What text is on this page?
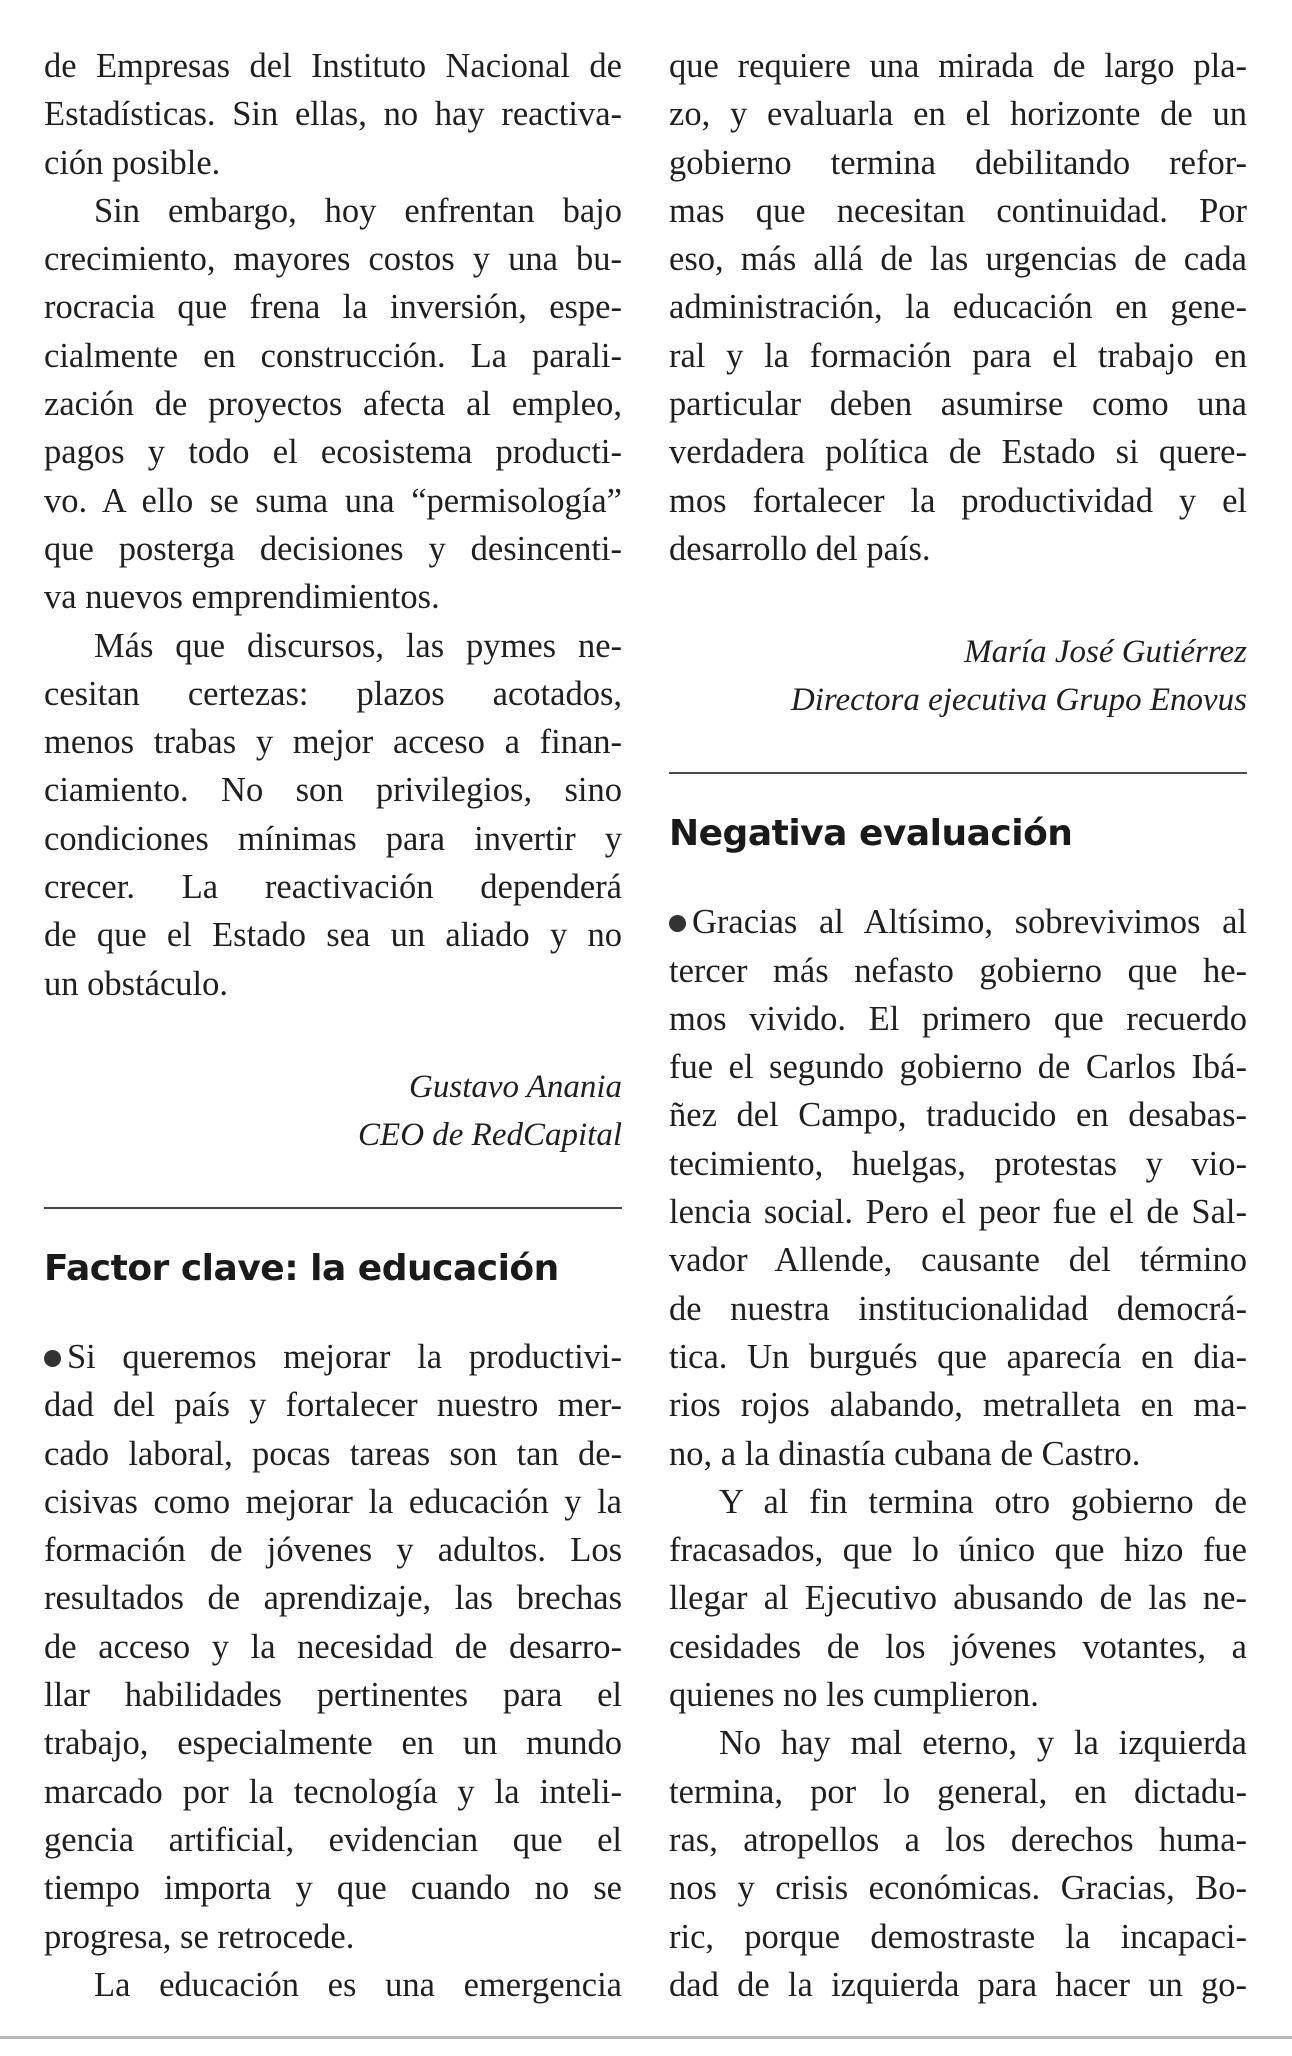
de Empresas del Instituto Nacional de
Estadísticas. Sin ellas, no hay reactiva-
ción posible.
Sin embargo, hoy enfrentan bajo
crecimiento, mayores costos y una bu-
rocracia que frena la inversión, espe-
cialmente en construcción. La parali-
zación de proyectos afecta al empleo,
pagos y todo el ecosistema producti-
vo. A ello se suma una “permisología”
que posterga decisiones y desincenti-
va nuevos emprendimientos.
Más que discursos, las pymes ne-
cesitan certezas: plazos acotados,
menos trabas y mejor acceso a finan-
ciamiento. No son privilegios, sino
condiciones mínimas para invertir y
crecer. La reactivación dependerá
de que el Estado sea un aliado y no
un obstáculo.
Gustavo Anania
CEO de RedCapital
Factor clave: la educación
Si queremos mejorar la productivi-
dad del país y fortalecer nuestro mer-
cado laboral, pocas tareas son tan de-
cisivas como mejorar la educación y la
formación de jóvenes y adultos. Los
resultados de aprendizaje, las brechas
de acceso y la necesidad de desarro-
llar habilidades pertinentes para el
trabajo, especialmente en un mundo
marcado por la tecnología y la inteli-
gencia artificial, evidencian que el
tiempo importa y que cuando no se
progresa, se retrocede.
La educación es una emergencia
que requiere una mirada de largo pla-
zo, y evaluarla en el horizonte de un
gobierno termina debilitando refor-
mas que necesitan continuidad. Por
eso, más allá de las urgencias de cada
administración, la educación en gene-
ral y la formación para el trabajo en
particular deben asumirse como una
verdadera política de Estado si quere-
mos fortalecer la productividad y el
desarrollo del país.
María José Gutiérrez
Directora ejecutiva Grupo Enovus
Negativa evaluación
Gracias al Altísimo, sobrevivimos al
tercer más nefasto gobierno que he-
mos vivido. El primero que recuerdo
fue el segundo gobierno de Carlos Ibá-
ñez del Campo, traducido en desabas-
tecimiento, huelgas, protestas y vio-
lencia social. Pero el peor fue el de Sal-
vador Allende, causante del término
de nuestra institucionalidad democrá-
tica. Un burgués que aparecía en dia-
rios rojos alabando, metralleta en ma-
no, a la dinastía cubana de Castro.
Y al fin termina otro gobierno de
fracasados, que lo único que hizo fue
llegar al Ejecutivo abusando de las ne-
cesidades de los jóvenes votantes, a
quienes no les cumplieron.
No hay mal eterno, y la izquierda
termina, por lo general, en dictadu-
ras, atropellos a los derechos huma-
nos y crisis económicas. Gracias, Bo-
ric, porque demostraste la incapaci-
dad de la izquierda para hacer un go-
